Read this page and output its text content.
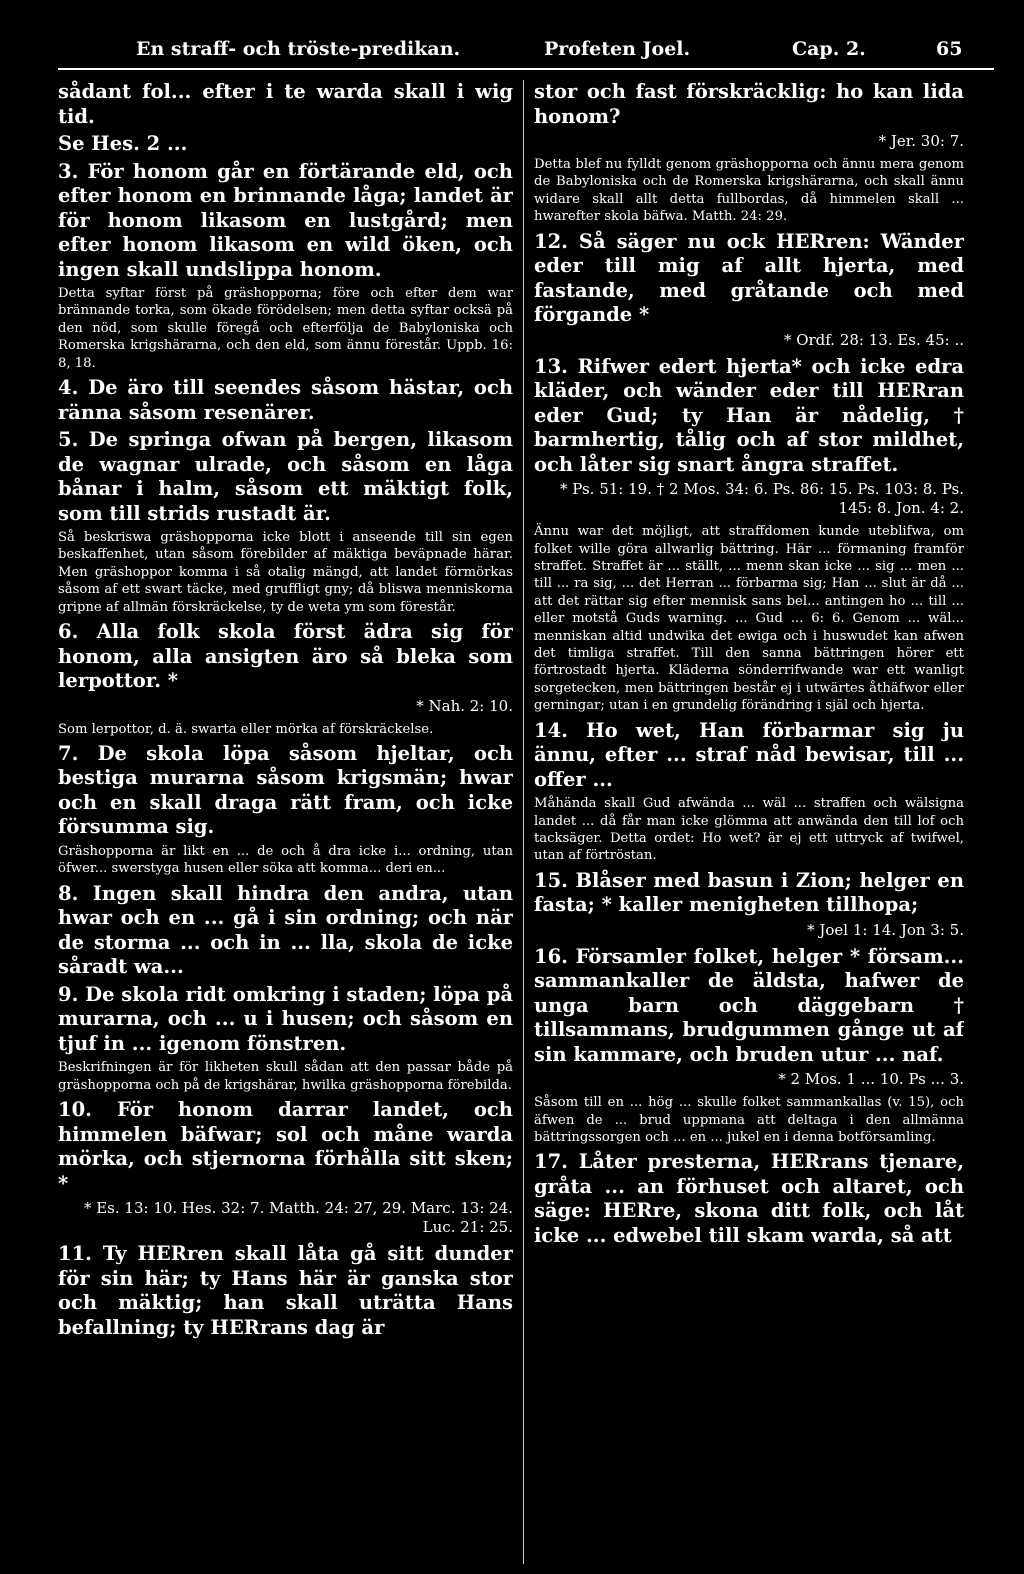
En straff- och tröste-predikan.	Profeten Joel.	Cap. 2.	65

sådant fol... efter i te warda skall i wig tid.

Se Hes. 2 ...

3. För honom går en förtärande eld, och efter honom en brinnande låga; landet är för honom likasom en lustgård; men efter honom likasom en wild öken, och ingen skall undslippa honom.

Detta syftar först på gräshopporna; före och efter dem war brännande torka, som ökade förödelsen; men detta syftar ocksä på den nöd, som skulle föregå och efterfölja de Babyloniska och Romerska krigshärarna, och den eld, som ännu förestår. Uppb. 16: 8, 18.

4. De äro till seendes såsom hästar, och ränna såsom resenärer.

5. De springa ofwan på bergen, likasom de wagnar ulrade, och såsom en låga bånar i halm, såsom ett mäktigt folk, som till strids rustadt är.

Så beskriswa gräshopporna icke blott i anseende till sin egen beskaffenhet, utan såsom förebilder af mäktiga beväpnade härar. Men gräshoppor komma i så otalig mängd, att landet förmörkas såsom af ett swart täcke, med gruffligt gny; då bliswa menniskorna gripne af allmän förskräckelse, ty de weta ym som förestår.

6. Alla folk skola först ädra sig för honom, alla ansigten äro så bleka som lerpottor. *

* Nah. 2: 10.

Som lerpottor, d. ä. swarta eller mörka af förskräckelse.

7. De skola löpa såsom hjeltar, och bestiga murarna såsom krigsmän; hwar och en skall draga rätt fram, och icke försumma sig.

Gräshopporna är likt en ... de och å dra icke i... ordning, utan öfwer... swerstyga husen eller söka att komma... deri en...

8. Ingen skall hindra den andra, utan hwar och en ... gå i sin ordning; och när de storma ... och in ... lla, skola de icke såradt wa...

9. De skola ridt omkring i staden; löpa på murarna, och ... u i husen; och såsom en tjuf in ... igenom fönstren.

Beskrifningen är för likheten skull sådan att den passar både på gräshopporna och på de krigshärar, hwilka gräshopporna förebilda.

10. För honom darrar landet, och himmelen bäfwar; sol och måne warda mörka, och stjernorna förhålla sitt sken; *

* Es. 13: 10. Hes. 32: 7. Matth. 24: 27, 29. Marc. 13: 24. Luc. 21: 25.

11. Ty HERren skall låta gå sitt dunder för sin här; ty Hans här är ganska stor och mäktig; han skall uträtta Hans befallning; ty HERrans dag är

stor och fast förskräcklig: ho kan lida honom?

* Jer. 30: 7.

Detta blef nu fylldt genom gräshopporna och ännu mera genom de Babyloniska och de Romerska krigshärarna, och skall ännu widare skall allt detta fullbordas, då himmelen skall ... hwarefter skola bäfwa. Matth. 24: 29.

12. Så säger nu ock HERren: Wänder eder till mig af allt hjerta, med fastande, med gråtande och med förgande *

* Ordf. 28: 13. Es. 45: ..

13. Rifwer edert hjerta* och icke edra kläder, och wänder eder till HERran eder Gud; ty Han är nådelig, † barmhertig, tålig och af stor mildhet, och låter sig snart ångra straffet.

* Ps. 51: 19. † 2 Mos. 34: 6. Ps. 86: 15. Ps. 103: 8. Ps. 145: 8. Jon. 4: 2.

Ännu war det möjligt, att straffdomen kunde uteblifwa, om folket wille göra allwarlig bättring. Här ... förmaning framför straffet. Straffet är ... ställt, ... menn skan icke ... sig ... men ... till ... ra sig, ... det Herran ... förbarma sig; Han ... slut är då ... att det rättar sig efter mennisk sans bel... antingen ho ... till ... eller motstå Guds warning. ... Gud ... 6: 6. Genom ... wäl... menniskan altid undwika det ewiga och i huswudet kan afwen det timliga straffet. Till den sanna bättringen hörer ett förtrostadt hjerta. Kläderna sönderrifwande war ett wanligt sorgetecken, men bättringen består ej i utwärtes åthäfwor eller gerningar; utan i en grundelig förändring i själ och hjerta.

14. Ho wet, Han förbarmar sig ju ännu, efter ... straf nåd bewisar, till ... offer ...

Måhända skall Gud afwända ... wäl ... straffen och wälsigna landet ... då får man icke glömma att anwända den till lof och tacksäger. Detta ordet: Ho wet? är ej ett uttryck af twifwel, utan af förtröstan.

15. Blåser med basun i Zion; helger en fasta; * kaller menigheten tillhopa;

* Joel 1: 14. Jon 3: 5.

16. Församler folket, helger * försam... sammankaller de äldsta, hafwer de unga barn och däggebarn † tillsammans, brudgummen gånge ut af sin kammare, och bruden utur ... naf.

* 2 Mos. 1 ... 10. Ps ... 3.

Såsom till en ... hög ... skulle folket sammankallas (v. 15), och äfwen de ... brud uppmana att deltaga i den allmänna bättringssorgen och ... en ... jukel en i denna botförsamling.

17. Låter presterna, HERrans tjenare, gråta ... an förhuset och altaret, och säge: HERre, skona ditt folk, och låt icke ... edwebel till skam warda, så att
